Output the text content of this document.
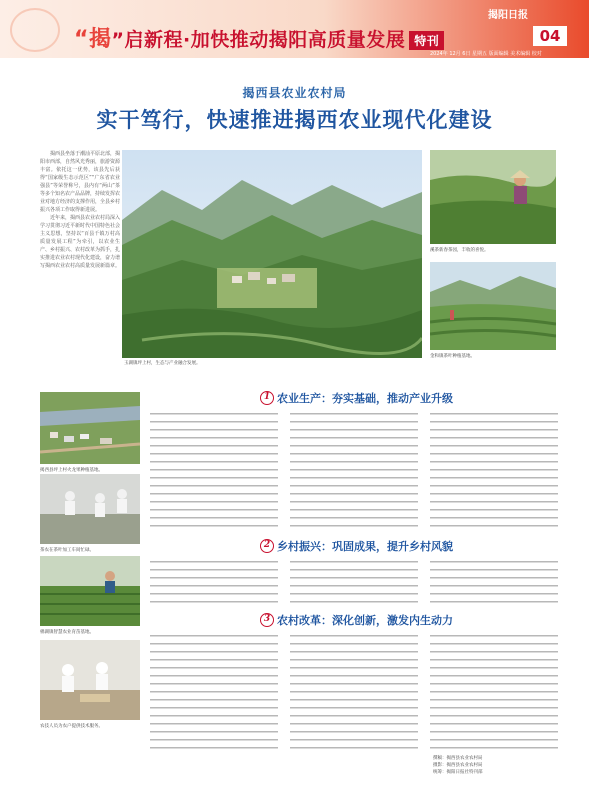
“揭”启新程·加快推动揭阳高质量发展 特刊
揭阳日报
04
2024年 12月 6日 星期五 版面编辑 美术编辑 校对
揭西县农业农村局
实干笃行，快速推进揭西农业现代化建设

揭西县坐落于潮汕平原北部，揭阳市西部，自然风光秀丽，旅游资源丰富。依托这一优势，该县先后获得“国家级生态示范区”“广东省农业强县”等荣誉称号，县内有“两山”茶等多个知名农产品品牌，持续发挥农业对地方经济的支撑作用，全县乡村振兴各项工作取得新进展。

近年来，揭西县农业农村局深入学习贯彻习近平新时代中国特色社会主义思想，坚持以“百县千镇万村高质量发展工程”为牵引，以农业生产、乡村振兴、农村改革为抓手，扎实推进农业农村现代化建设，奋力谱写揭西农业农村高质量发展新篇章。

玉湖镇坪上村，生态与产业融合发展。
溪茶新春茶园，丰收的喜悦。
金和镇茶叶种植基地。
揭西县坪上村火龙果种植基地。
茶农在茶叶加工车间忙碌。
棉湖镇智慧农业育苗基地。
农技人员为农户提供技术服务。
1 农业生产：夯实基础，推动产业升级
2 乡村振兴：巩固成果，提升乡村风貌
3 农村改革：深化创新，激发内生动力
撰稿：揭西县农业农村局
摄影：揭西县农业农村局
统筹：揭阳日报社特刊部
